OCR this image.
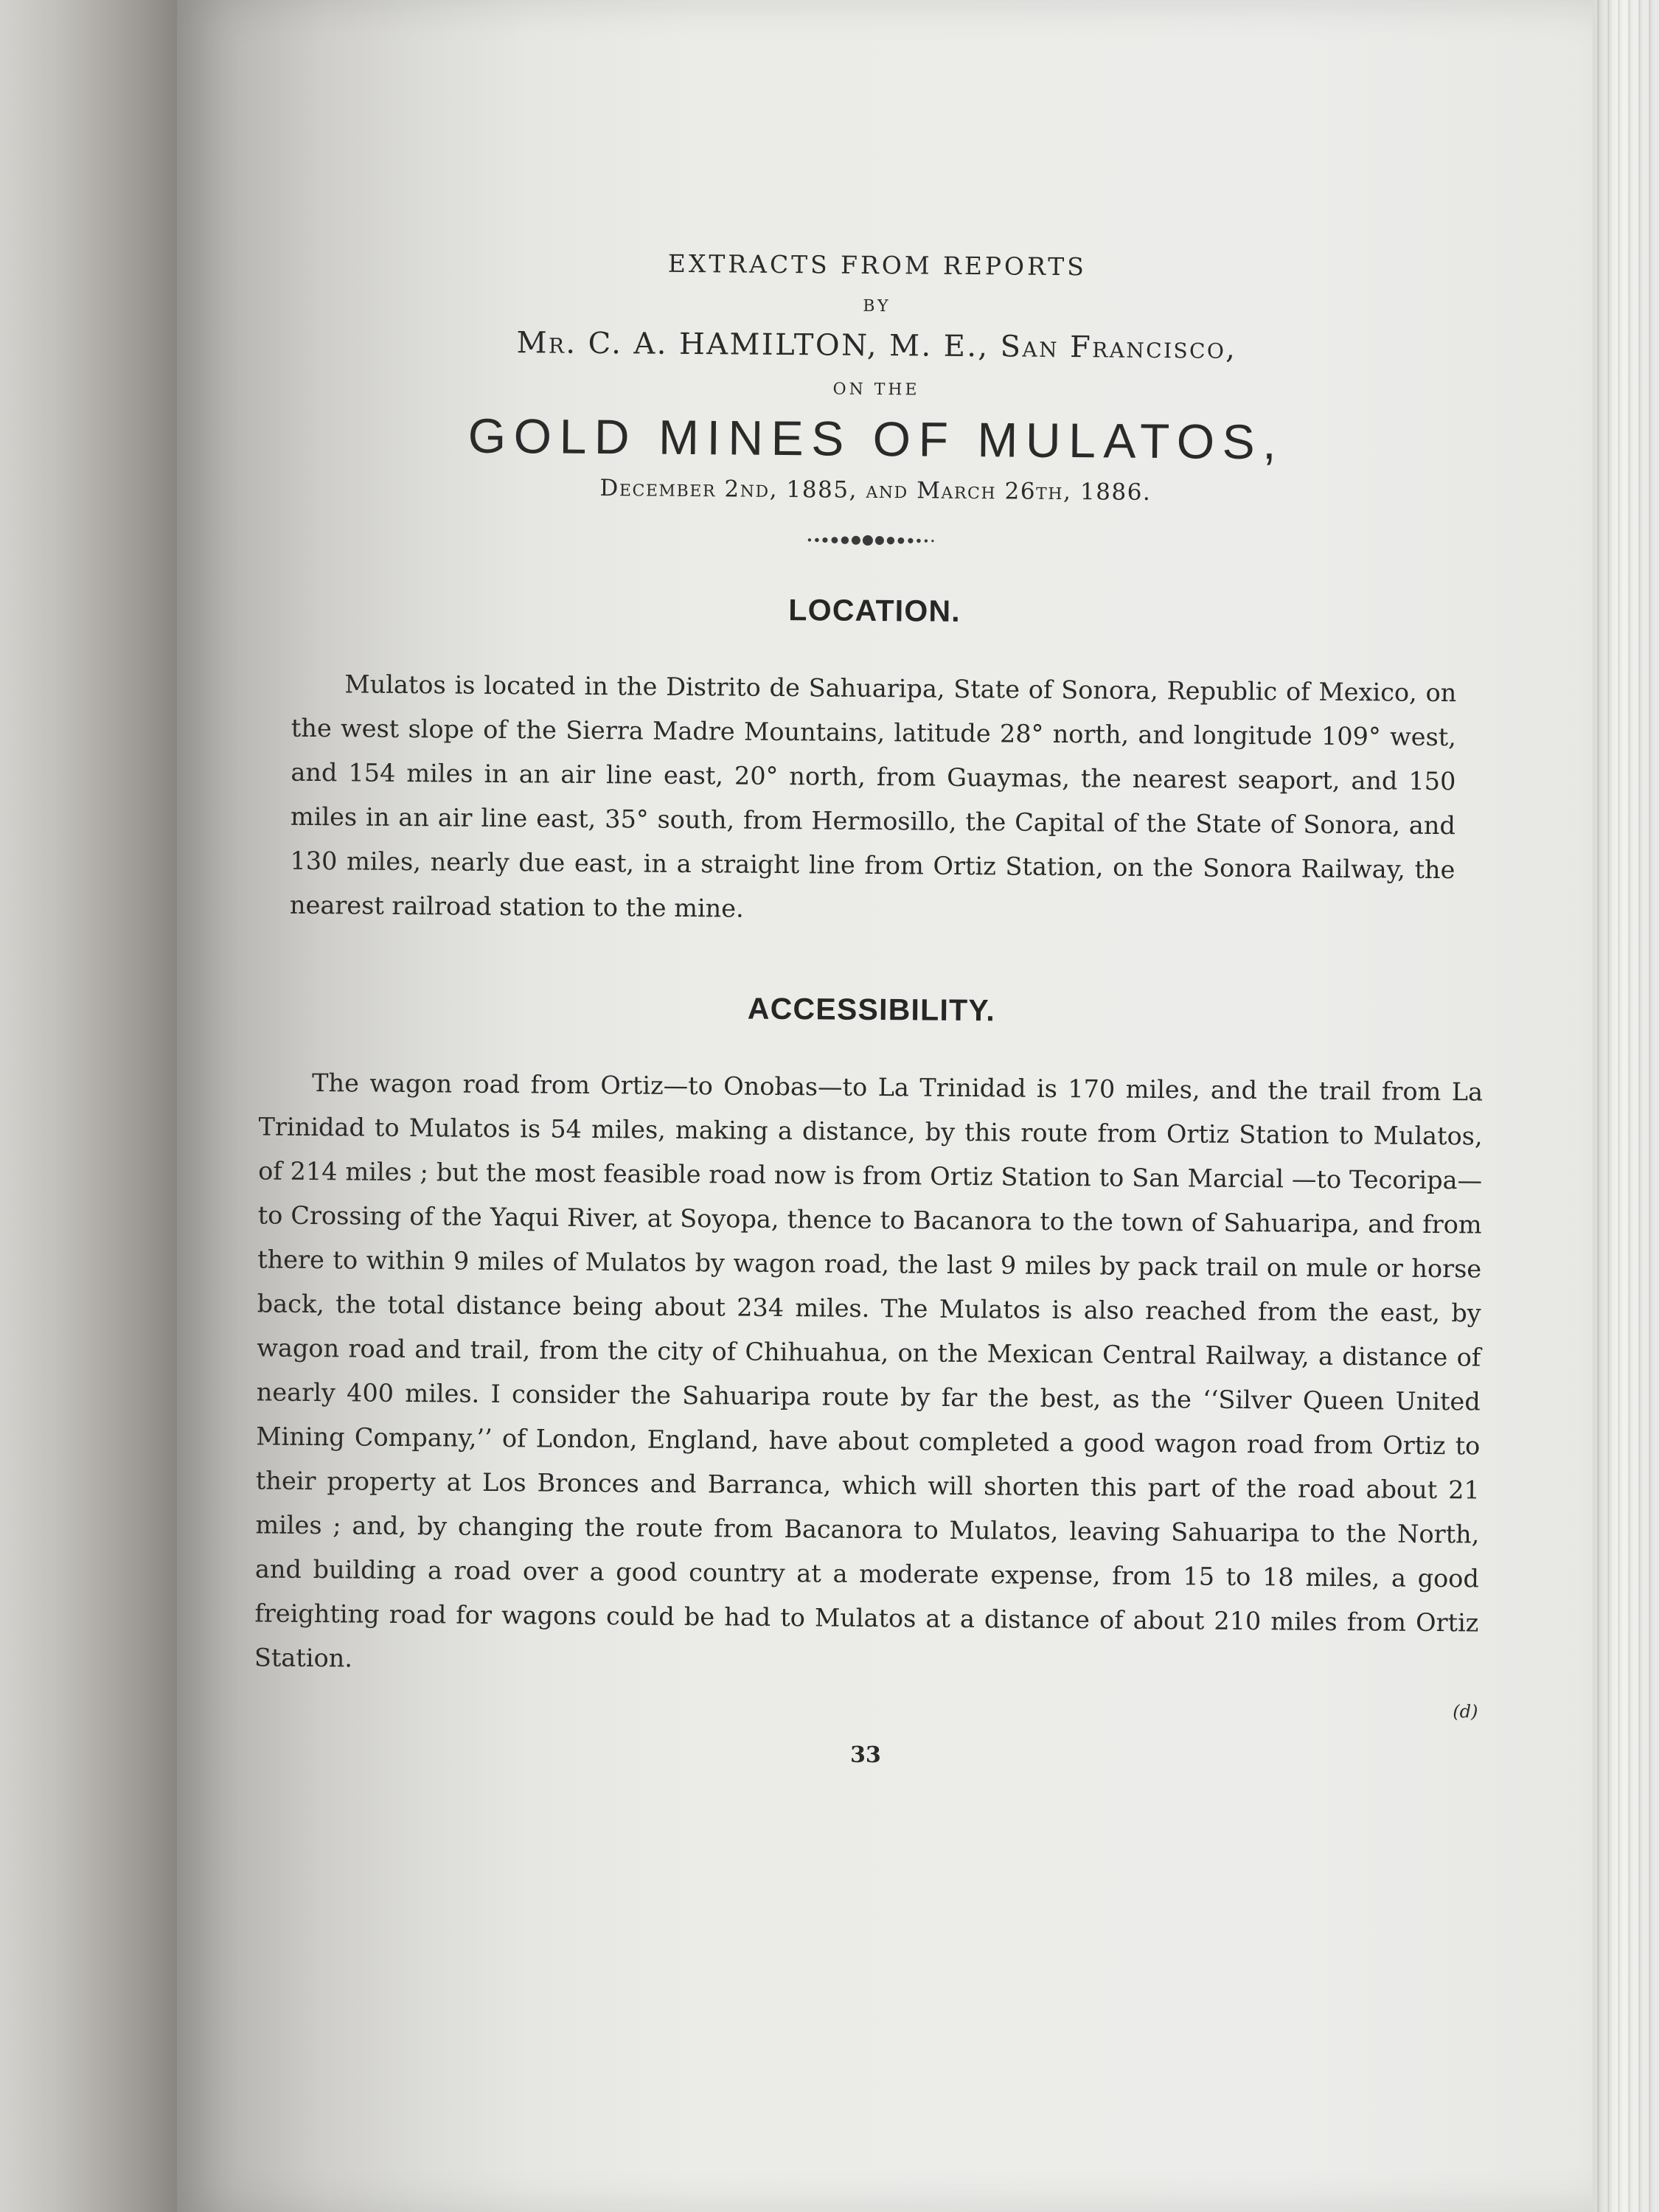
EXTRACTS FROM REPORTS
BY
Mr. C. A. HAMILTON, M. E., San Francisco,
ON THE
GOLD MINES OF MULATOS,
December 2nd, 1885, and March 26th, 1886.
LOCATION.

Mulatos is located in the Distrito de Sahuaripa, State of Sonora, Republic of Mexico, on the west slope of the Sierra Madre Mountains, latitude 28° north, and longitude 109° west, and 154 miles in an air line east, 20° north, from Guaymas, the nearest seaport, and 150 miles in an air line east, 35° south, from Hermosillo, the Capital of the State of Sonora, and 130 miles, nearly due east, in a straight line from Ortiz Station, on the Sonora Railway, the nearest railroad station to the mine.

ACCESSIBILITY.

The wagon road from Ortiz—to Onobas—to La Trinidad is 170 miles, and the trail from La Trinidad to Mulatos is 54 miles, making a distance, by this route from Ortiz Station to Mulatos, of 214 miles ; but the most feasible road now is from Ortiz Station to San Marcial —to Tecoripa—to Crossing of the Yaqui River, at Soyopa, thence to Bacanora to the town of Sahuaripa, and from there to within 9 miles of Mulatos by wagon road, the last 9 miles by pack trail on mule or horse back, the total distance being about 234 miles. The Mulatos is also reached from the east, by wagon road and trail, from the city of Chihuahua, on the Mexican Central Railway, a distance of nearly 400 miles. I consider the Sahuaripa route by far the best, as the ‘‘Silver Queen United Mining Company,’’ of London, England, have about completed a good wagon road from Ortiz to their property at Los Bronces and Barranca, which will shorten this part of the road about 21 miles ; and, by changing the route from Bacanora to Mulatos, leaving Sahuaripa to the North, and building a road over a good country at a moderate expense, from 15 to 18 miles, a good freighting road for wagons could be had to Mulatos at a distance of about 210 miles from Ortiz Station.

(d)
33
